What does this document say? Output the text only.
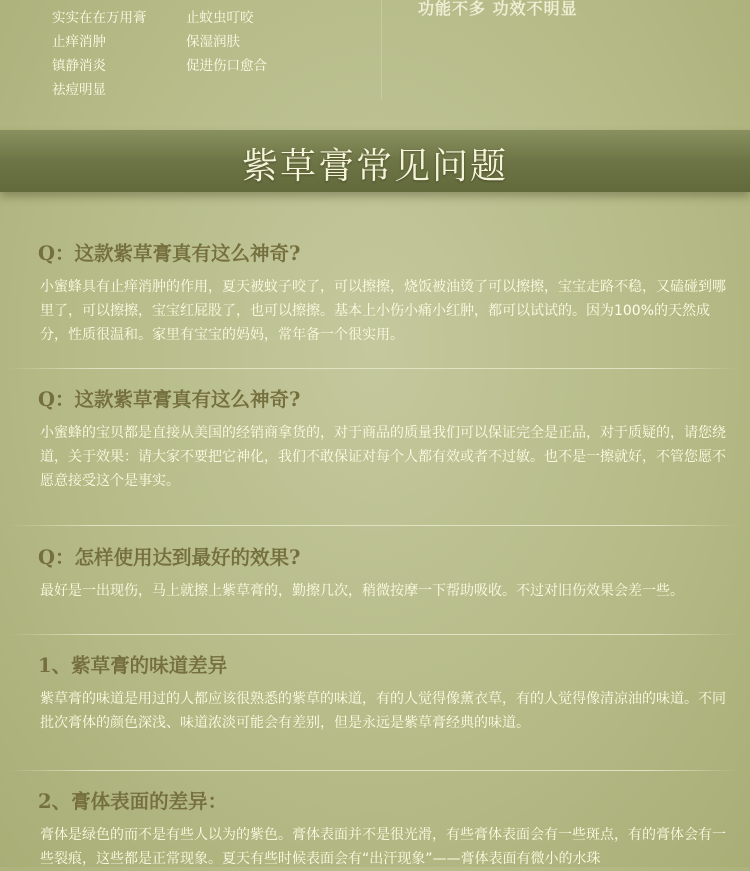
实实在在万用膏
止痒消肿
镇静消炎
祛痘明显
止蚊虫叮咬
保湿润肤
促进伤口愈合
功能不多 功效不明显
紫草膏常见问题
Q：这款紫草膏真有这么神奇?
小蜜蜂具有止痒消肿的作用，夏天被蚊子咬了，可以擦擦，烧饭被油烫了可以擦擦，宝宝走路不稳，又磕碰到哪里了，可以擦擦，宝宝红屁股了，也可以擦擦。基本上小伤小痛小红肿，都可以试试的。因为100%的天然成分，性质很温和。家里有宝宝的妈妈，常年备一个很实用。
Q：这款紫草膏真有这么神奇?
小蜜蜂的宝贝都是直接从美国的经销商拿货的，对于商品的质量我们可以保证完全是正品，对于质疑的，请您绕道，关于效果：请大家不要把它神化，我们不敢保证对每个人都有效或者不过敏。也不是一擦就好，不管您愿不愿意接受这个是事实。
Q：怎样使用达到最好的效果?
最好是一出现伤，马上就擦上紫草膏的，勤擦几次，稍微按摩一下帮助吸收。不过对旧伤效果会差一些。
1、紫草膏的味道差异
紫草膏的味道是用过的人都应该很熟悉的紫草的味道，有的人觉得像薰衣草，有的人觉得像清凉油的味道。不同批次膏体的颜色深浅、味道浓淡可能会有差别，但是永远是紫草膏经典的味道。
2、膏体表面的差异：
膏体是绿色的而不是有些人以为的紫色。膏体表面并不是很光滑，有些膏体表面会有一些斑点，有的膏体会有一些裂痕，这些都是正常现象。夏天有些时候表面会有“出汗现象”——膏体表面有微小的水珠
